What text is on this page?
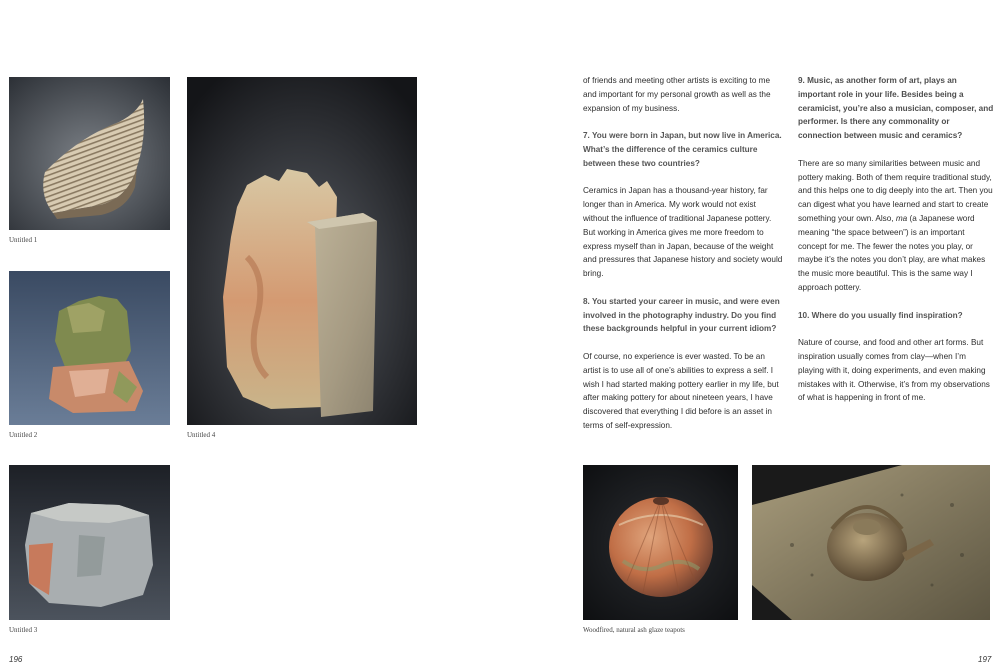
Untitled 1
Untitled 2	Untitled 4
Untitled 3
196

of friends and meeting other artists is exciting to me and important for my personal growth as well as the expansion of my business.

7. You were born in Japan, but now live in America. What’s the difference of the ceramics culture between these two countries?

Ceramics in Japan has a thousand-year history, far longer than in America. My work would not exist without the influence of traditional Japanese pottery. But working in America gives me more freedom to express myself than in Japan, because of the weight and pressures that Japanese history and society would bring.

8. You started your career in music, and were even involved in the photography industry. Do you find these backgrounds helpful in your current idiom?

Of course, no experience is ever wasted. To be an artist is to use all of one’s abilities to express a self. I wish I had started making pottery earlier in my life, but after making pottery for about nineteen years, I have discovered that everything I did before is an asset in terms of self-expression.

9. Music, as another form of art, plays an important role in your life. Besides being a ceramicist, you’re also a musician, composer, and performer. Is there any commonality or connection between music and ceramics?

There are so many similarities between music and pottery making. Both of them require traditional study, and this helps one to dig deeply into the art. Then you can digest what you have learned and start to create something your own. Also, ma (a Japanese word meaning “the space between”) is an important concept for me. The fewer the notes you play, or maybe it’s the notes you don’t play, are what makes the music more beautiful. This is the same way I approach pottery.

10. Where do you usually find inspiration?

Nature of course, and food and other art forms. But inspiration usually comes from clay—when I’m playing with it, doing experiments, and even making mistakes with it. Otherwise, it’s from my observations of what is happening in front of me.

Woodfired, natural ash glaze teapots
197
